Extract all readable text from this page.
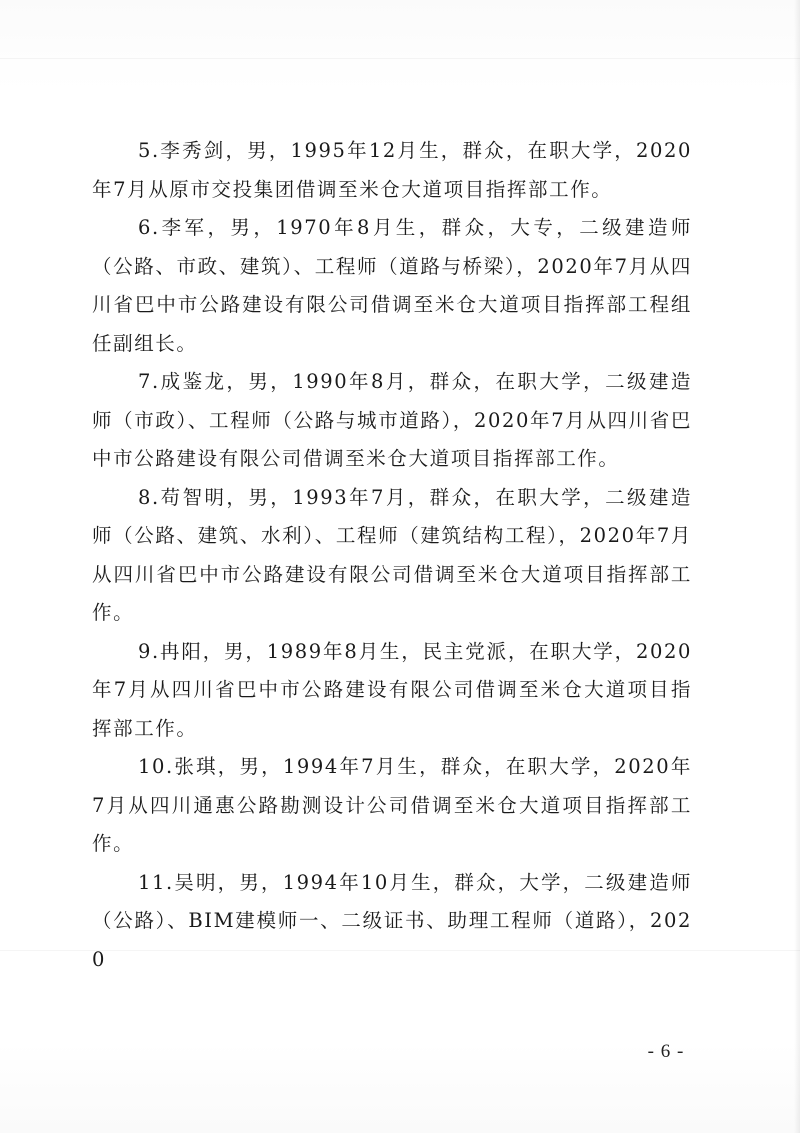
5.李秀剑，男，1995年12月生，群众，在职大学，2020年7月从原市交投集团借调至米仓大道项目指挥部工作。

6.李军，男，1970年8月生，群众，大专，二级建造师（公路、市政、建筑）、工程师（道路与桥梁），2020年7月从四川省巴中市公路建设有限公司借调至米仓大道项目指挥部工程组任副组长。

7.成鉴龙，男，1990年8月，群众，在职大学，二级建造师（市政）、工程师（公路与城市道路），2020年7月从四川省巴中市公路建设有限公司借调至米仓大道项目指挥部工作。

8.苟智明，男，1993年7月，群众，在职大学，二级建造师（公路、建筑、水利）、工程师（建筑结构工程），2020年7月从四川省巴中市公路建设有限公司借调至米仓大道项目指挥部工作。

9.冉阳，男，1989年8月生，民主党派，在职大学，2020年7月从四川省巴中市公路建设有限公司借调至米仓大道项目指挥部工作。

10.张琪，男，1994年7月生，群众，在职大学，2020年7月从四川通惠公路勘测设计公司借调至米仓大道项目指挥部工作。

11.吴明，男，1994年10月生，群众，大学，二级建造师（公路）、BIM建模师一、二级证书、助理工程师（道路），2020

- 6 -
